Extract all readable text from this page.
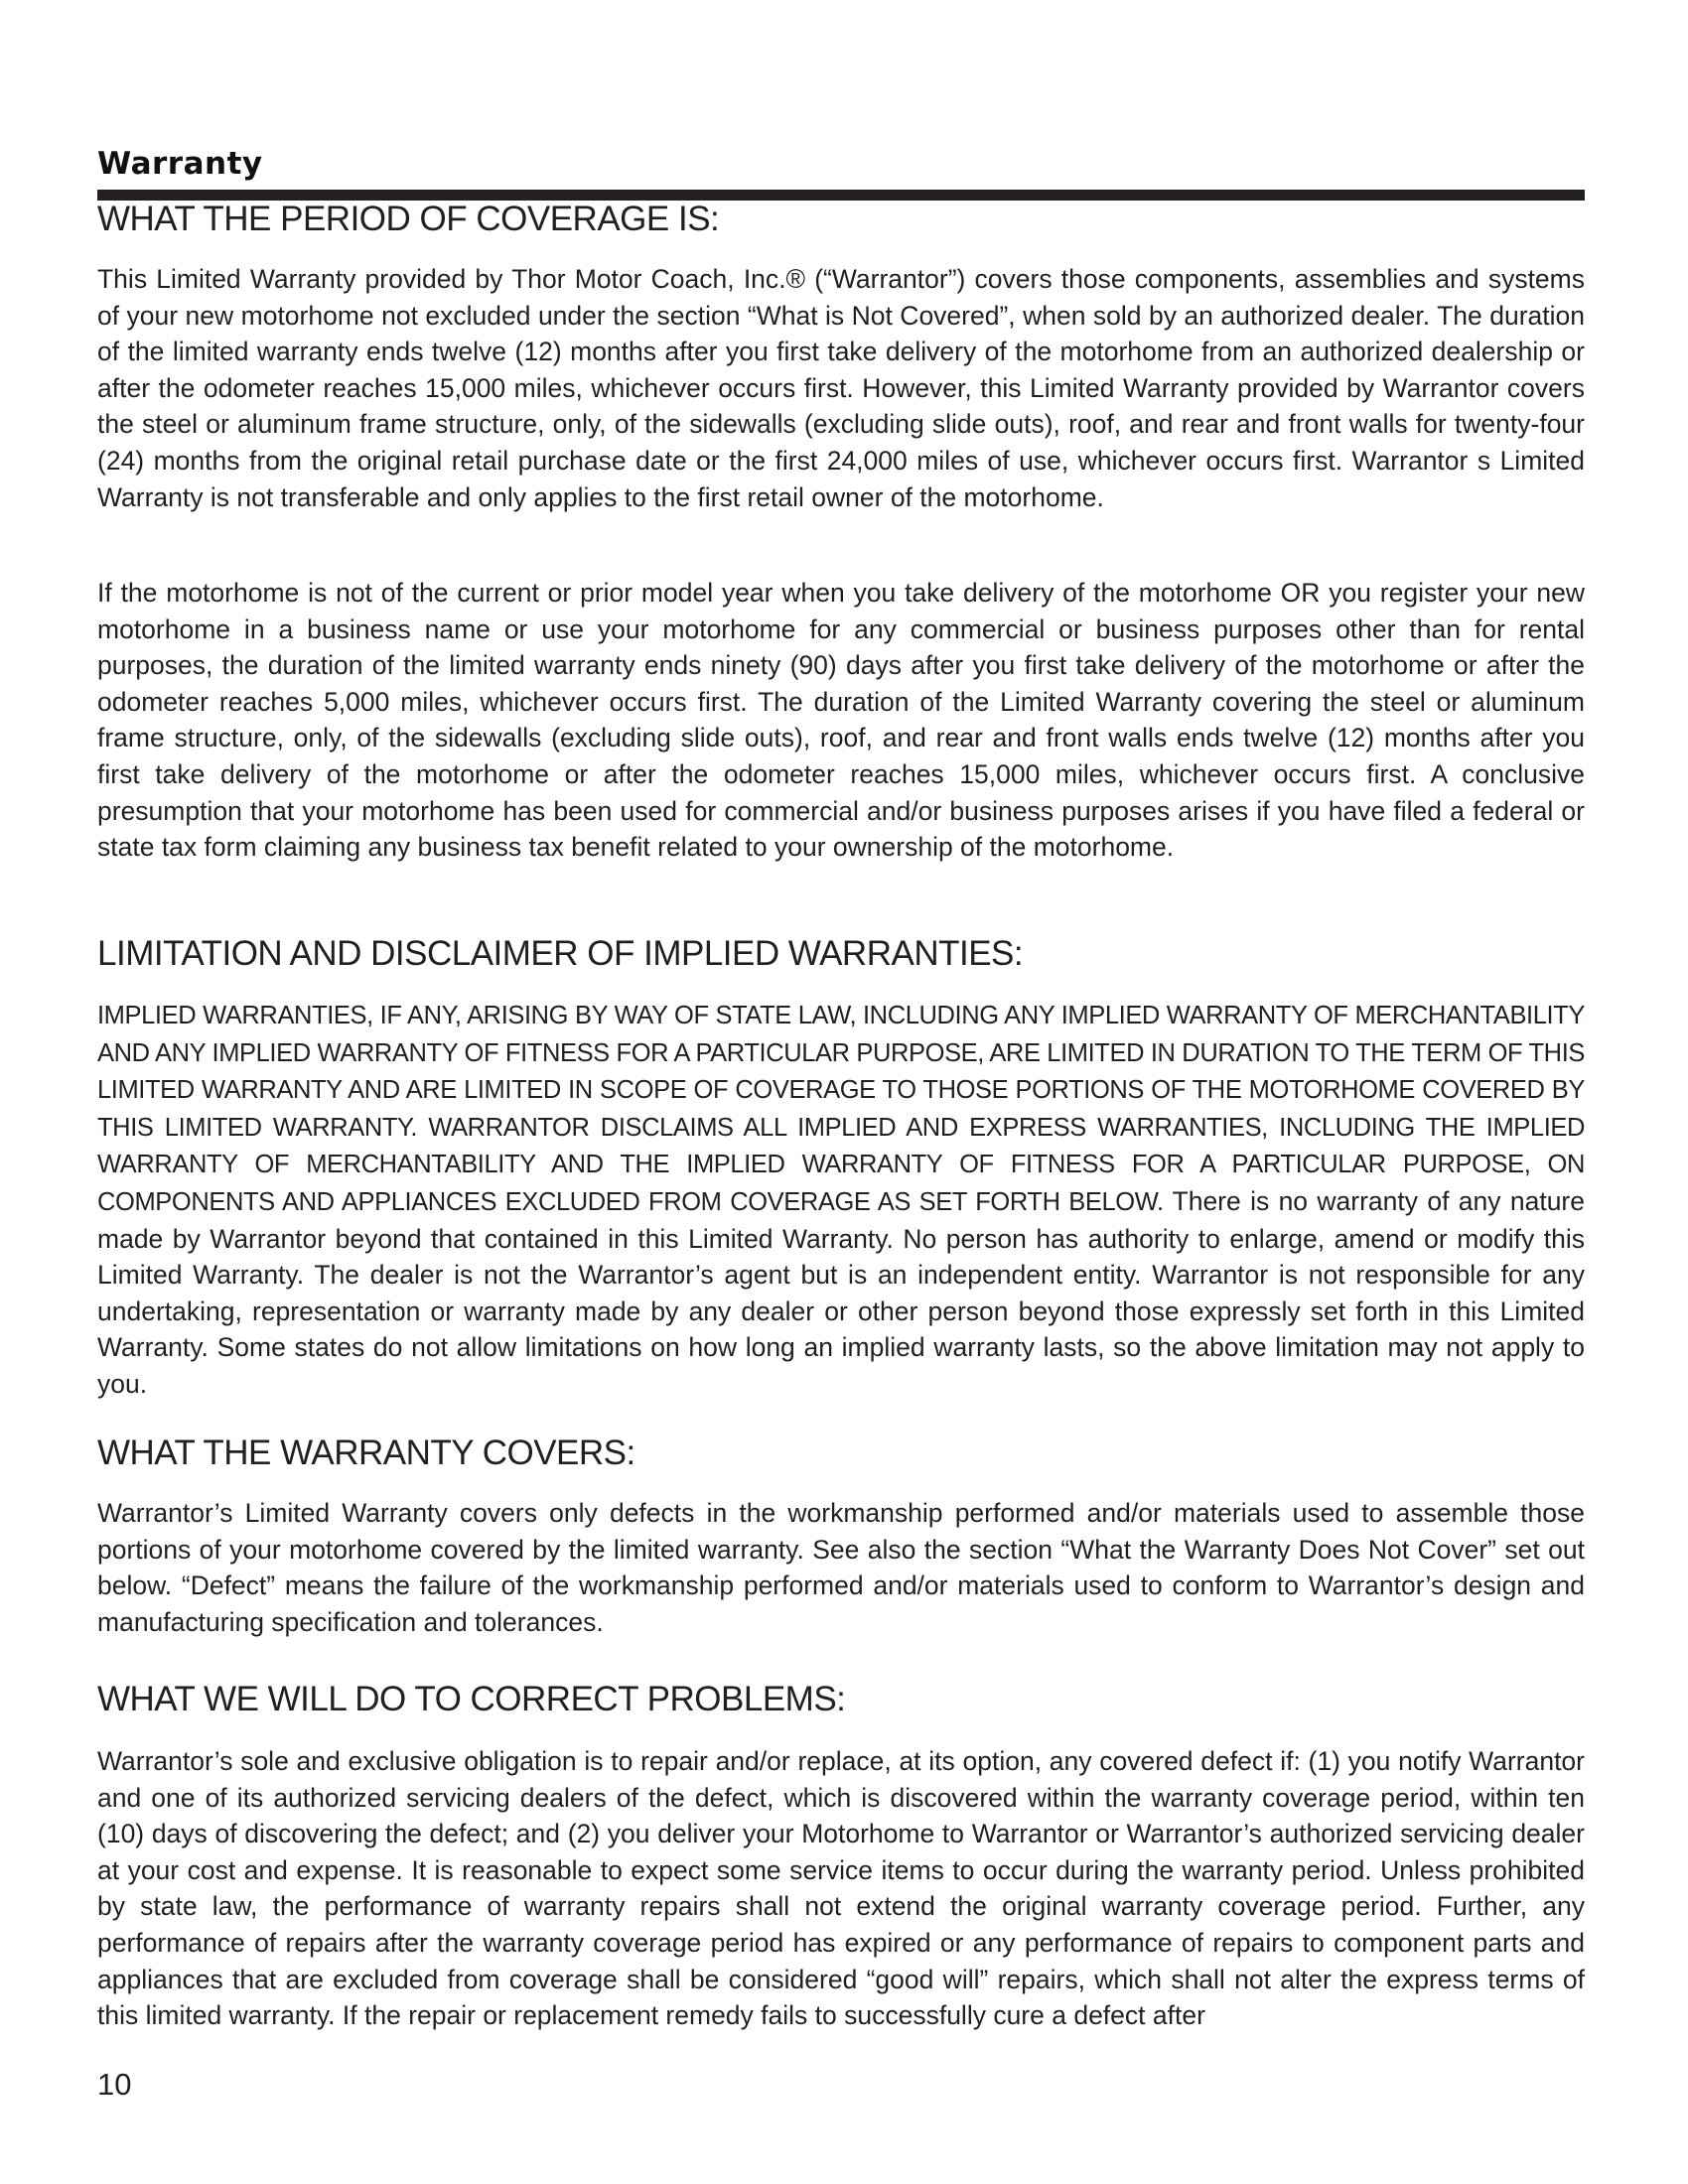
Warranty
WHAT THE PERIOD OF COVERAGE IS:

This Limited Warranty provided by Thor Motor Coach, Inc.® (“Warrantor”) covers those components, assemblies and systems of your new motorhome not excluded under the section “What is Not Covered”, when sold by an authorized dealer. The duration of the limited warranty ends twelve (12) months after you first take delivery of the motorhome from an authorized dealership or after the odometer reaches 15,000 miles, whichever occurs first. However, this Limited Warranty provided by Warrantor covers the steel or aluminum frame structure, only, of the sidewalls (excluding slide outs), roof, and rear and front walls for twenty-four (24) months from the original retail purchase date or the first 24,000 miles of use, whichever occurs first. Warrantor s Limited Warranty is not transferable and only applies to the first retail owner of the motorhome.

If the motorhome is not of the current or prior model year when you take delivery of the motorhome OR you register your new motorhome in a business name or use your motorhome for any commercial or business purposes other than for rental purposes, the duration of the limited warranty ends ninety (90) days after you first take delivery of the motorhome or after the odometer reaches 5,000 miles, whichever occurs first. The duration of the Limited Warranty covering the steel or aluminum frame structure, only, of the sidewalls (excluding slide outs), roof, and rear and front walls ends twelve (12) months after you first take delivery of the motorhome or after the odometer reaches 15,000 miles, whichever occurs first. A conclusive presumption that your motorhome has been used for commercial and/or business purposes arises if you have filed a federal or state tax form claiming any business tax benefit related to your ownership of the motorhome.

LIMITATION AND DISCLAIMER OF IMPLIED WARRANTIES:

IMPLIED WARRANTIES, IF ANY, ARISING BY WAY OF STATE LAW, INCLUDING ANY IMPLIED WARRANTY OF MERCHANTABILITY AND ANY IMPLIED WARRANTY OF FITNESS FOR A PARTICULAR PURPOSE, ARE LIMITED IN DURATION TO THE TERM OF THIS LIMITED WARRANTY AND ARE LIMITED IN SCOPE OF COVERAGE TO THOSE PORTIONS OF THE MOTORHOME COVERED BY THIS LIMITED WARRANTY. WARRANTOR DISCLAIMS ALL IMPLIED AND EXPRESS WARRANTIES, INCLUDING THE IMPLIED WARRANTY OF MERCHANTABILITY AND THE IMPLIED WARRANTY OF FITNESS FOR A PARTICULAR PURPOSE, ON COMPONENTS AND APPLIANCES EXCLUDED FROM COVERAGE AS SET FORTH BELOW. There is no warranty of any nature made by Warrantor beyond that contained in this Limited Warranty. No person has authority to enlarge, amend or modify this Limited Warranty. The dealer is not the Warrantor’s agent but is an independent entity. Warrantor is not responsible for any undertaking, representation or warranty made by any dealer or other person beyond those expressly set forth in this Limited Warranty. Some states do not allow limitations on how long an implied warranty lasts, so the above limitation may not apply to you.

WHAT THE WARRANTY COVERS:

Warrantor’s Limited Warranty covers only defects in the workmanship performed and/or materials used to assemble those portions of your motorhome covered by the limited warranty. See also the section “What the Warranty Does Not Cover” set out below. “Defect” means the failure of the workmanship performed and/or materials used to conform to Warrantor’s design and manufacturing specification and tolerances.

WHAT WE WILL DO TO CORRECT PROBLEMS:

Warrantor’s sole and exclusive obligation is to repair and/or replace, at its option, any covered defect if: (1) you notify Warrantor and one of its authorized servicing dealers of the defect, which is discovered within the warranty coverage period, within ten (10) days of discovering the defect; and (2) you deliver your Motorhome to Warrantor or Warrantor’s authorized servicing dealer at your cost and expense. It is reasonable to expect some service items to occur during the warranty period. Unless prohibited by state law, the performance of warranty repairs shall not extend the original warranty coverage period. Further, any performance of repairs after the warranty coverage period has expired or any performance of repairs to component parts and appliances that are excluded from coverage shall be considered “good will” repairs, which shall not alter the express terms of this limited warranty. If the repair or replacement remedy fails to successfully cure a defect after

10
